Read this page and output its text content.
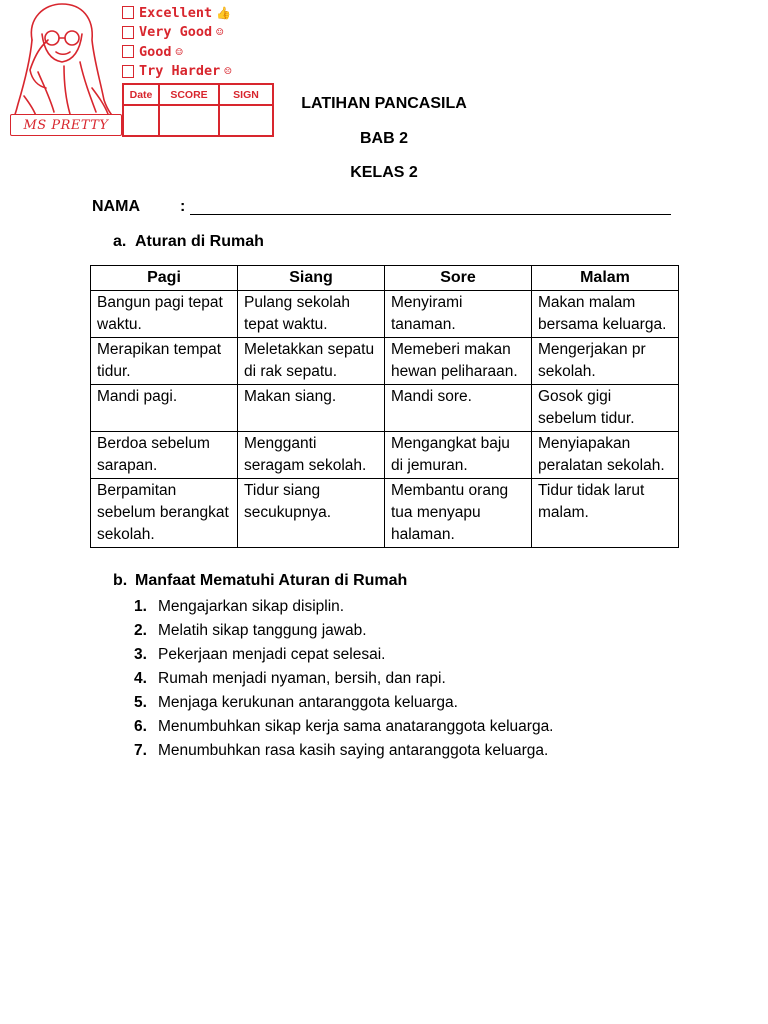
Excellent 👍
Very Good ☺
Good ☺
Try Harder ☹
Date	SCORE	SIGN
MS PRETTY
LATIHAN PANCASILA
BAB 2
KELAS 2
NAMA	:
a. Aturan di Rumah
Pagi	Siang	Sore	Malam
Bangun pagi tepat waktu.	Pulang sekolah tepat waktu.	Menyirami tanaman.	Makan malam bersama keluarga.
Merapikan tempat tidur.	Meletakkan sepatu di rak sepatu.	Memeberi makan hewan peliharaan.	Mengerjakan pr sekolah.
Mandi pagi.	Makan siang.	Mandi sore.	Gosok gigi sebelum tidur.
Berdoa sebelum sarapan.	Mengganti seragam sekolah.	Mengangkat baju di jemuran.	Menyiapakan peralatan sekolah.
Berpamitan sebelum berangkat sekolah.	Tidur siang secukupnya.	Membantu orang tua menyapu halaman.	Tidur tidak larut malam.
b. Manfaat Mematuhi Aturan di Rumah
1. Mengajarkan sikap disiplin.
2. Melatih sikap tanggung jawab.
3. Pekerjaan menjadi cepat selesai.
4. Rumah menjadi nyaman, bersih, dan rapi.
5. Menjaga kerukunan antaranggota keluarga.
6. Menumbuhkan sikap kerja sama anataranggota keluarga.
7. Menumbuhkan rasa kasih saying antaranggota keluarga.
